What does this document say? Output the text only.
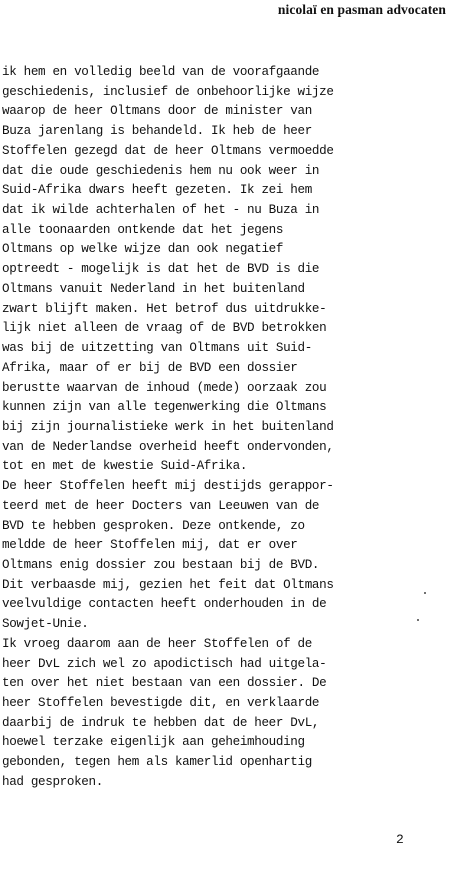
nicolaï en pasman advocaten
ik hem en volledig beeld van de voorafgaande
geschiedenis, inclusief de onbehoorlijke wijze
waarop de heer Oltmans door de minister van
Buza jarenlang is behandeld. Ik heb de heer
Stoffelen gezegd dat de heer Oltmans vermoedde
dat die oude geschiedenis hem nu ook weer in
Suid-Afrika dwars heeft gezeten. Ik zei hem
dat ik wilde achterhalen of het - nu Buza in
alle toonaarden ontkende dat het jegens
Oltmans op welke wijze dan ook negatief
optreedt - mogelijk is dat het de BVD is die
Oltmans vanuit Nederland in het buitenland
zwart blijft maken. Het betrof dus uitdrukke-
lijk niet alleen de vraag of de BVD betrokken
was bij de uitzetting van Oltmans uit Suid-
Afrika, maar of er bij de BVD een dossier
berustte waarvan de inhoud (mede) oorzaak zou
kunnen zijn van alle tegenwerking die Oltmans
bij zijn journalistieke werk in het buitenland
van de Nederlandse overheid heeft ondervonden,
tot en met de kwestie Suid-Afrika.
De heer Stoffelen heeft mij destijds gerappor-
teerd met de heer Docters van Leeuwen van de
BVD te hebben gesproken. Deze ontkende, zo
meldde de heer Stoffelen mij, dat er over
Oltmans enig dossier zou bestaan bij de BVD.
Dit verbaasde mij, gezien het feit dat Oltmans
veelvuldige contacten heeft onderhouden in de
Sowjet-Unie.
Ik vroeg daarom aan de heer Stoffelen of de
heer DvL zich wel zo apodictisch had uitgela-
ten over het niet bestaan van een dossier. De
heer Stoffelen bevestigde dit, en verklaarde
daarbij de indruk te hebben dat de heer DvL,
hoewel terzake eigenlijk aan geheimhouding
gebonden, tegen hem als kamerlid openhartig
had gesproken.
2
